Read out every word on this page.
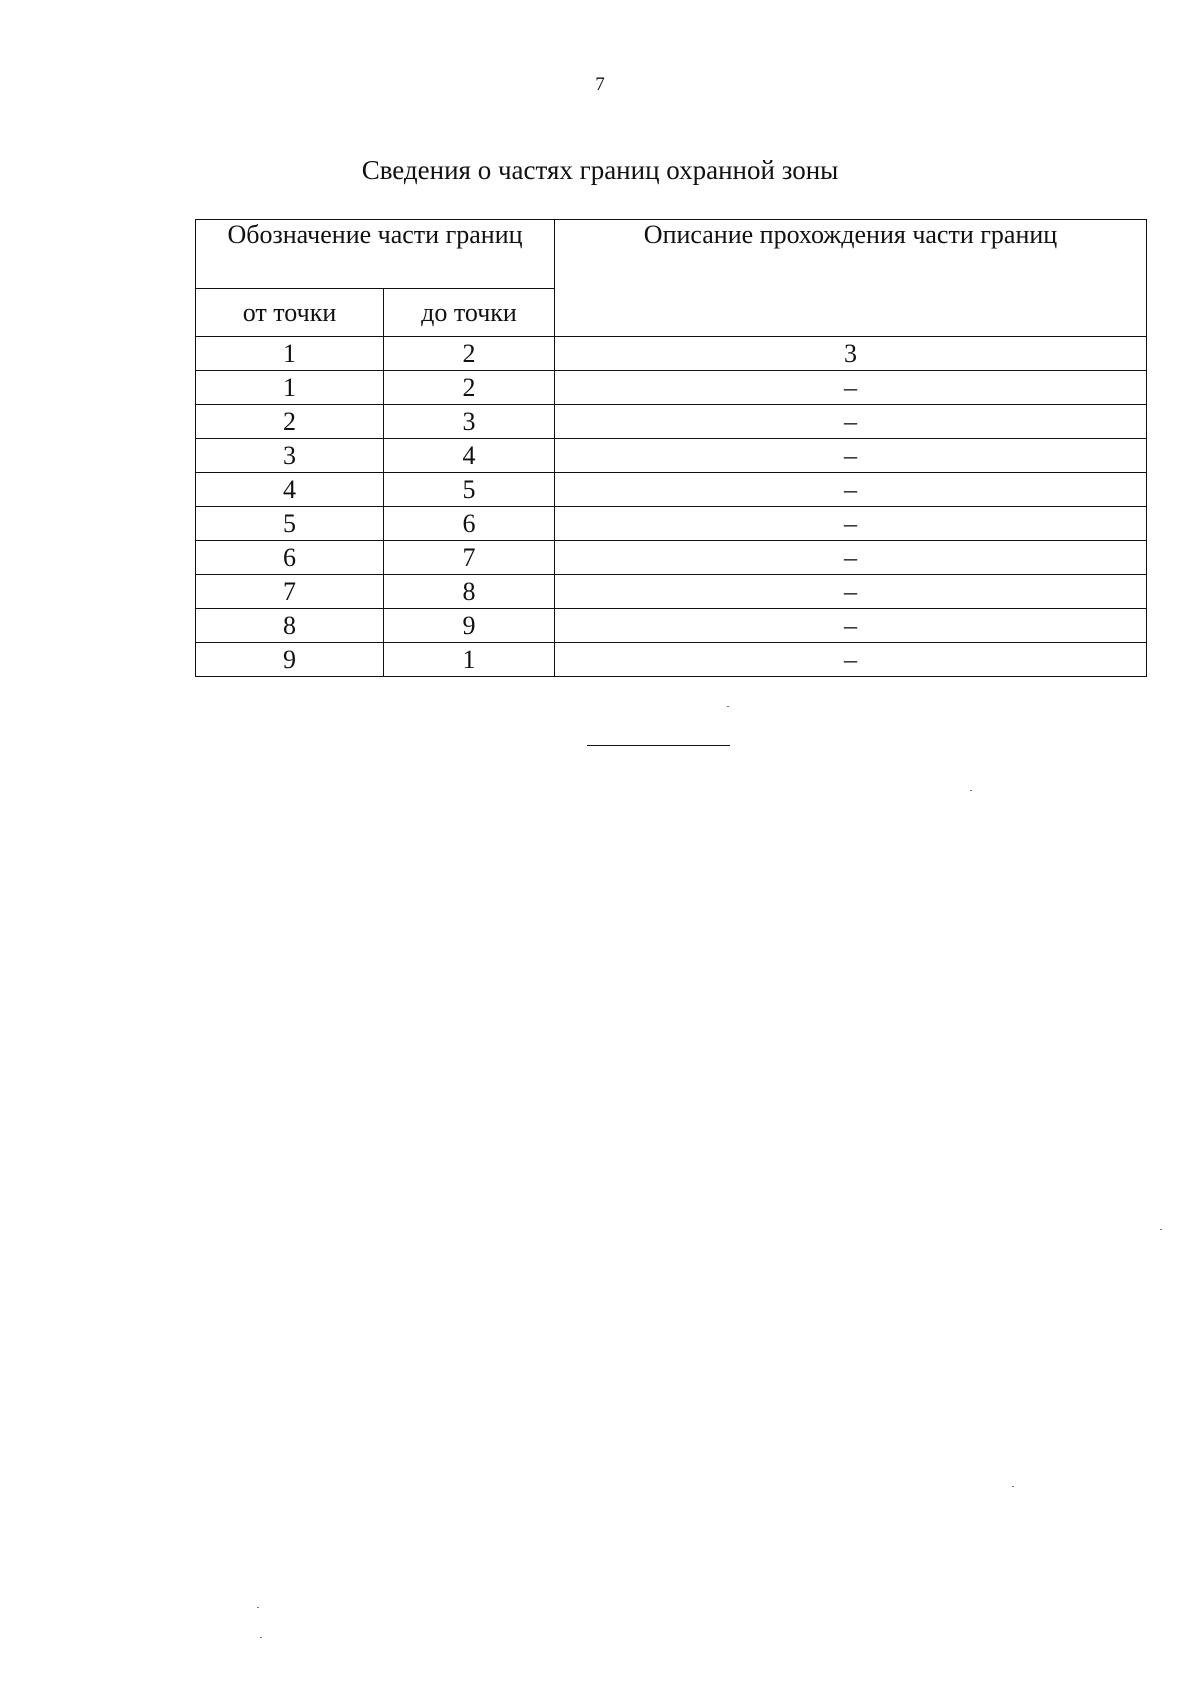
7
Сведения о частях границ охранной зоны
Обозначение части границ		Описание прохождения части границ
от точки	до точки	
1	2	3
1	2	–
2	3	–
3	4	–
4	5	–
5	6	–
6	7	–
7	8	–
8	9	–
9	1	–
